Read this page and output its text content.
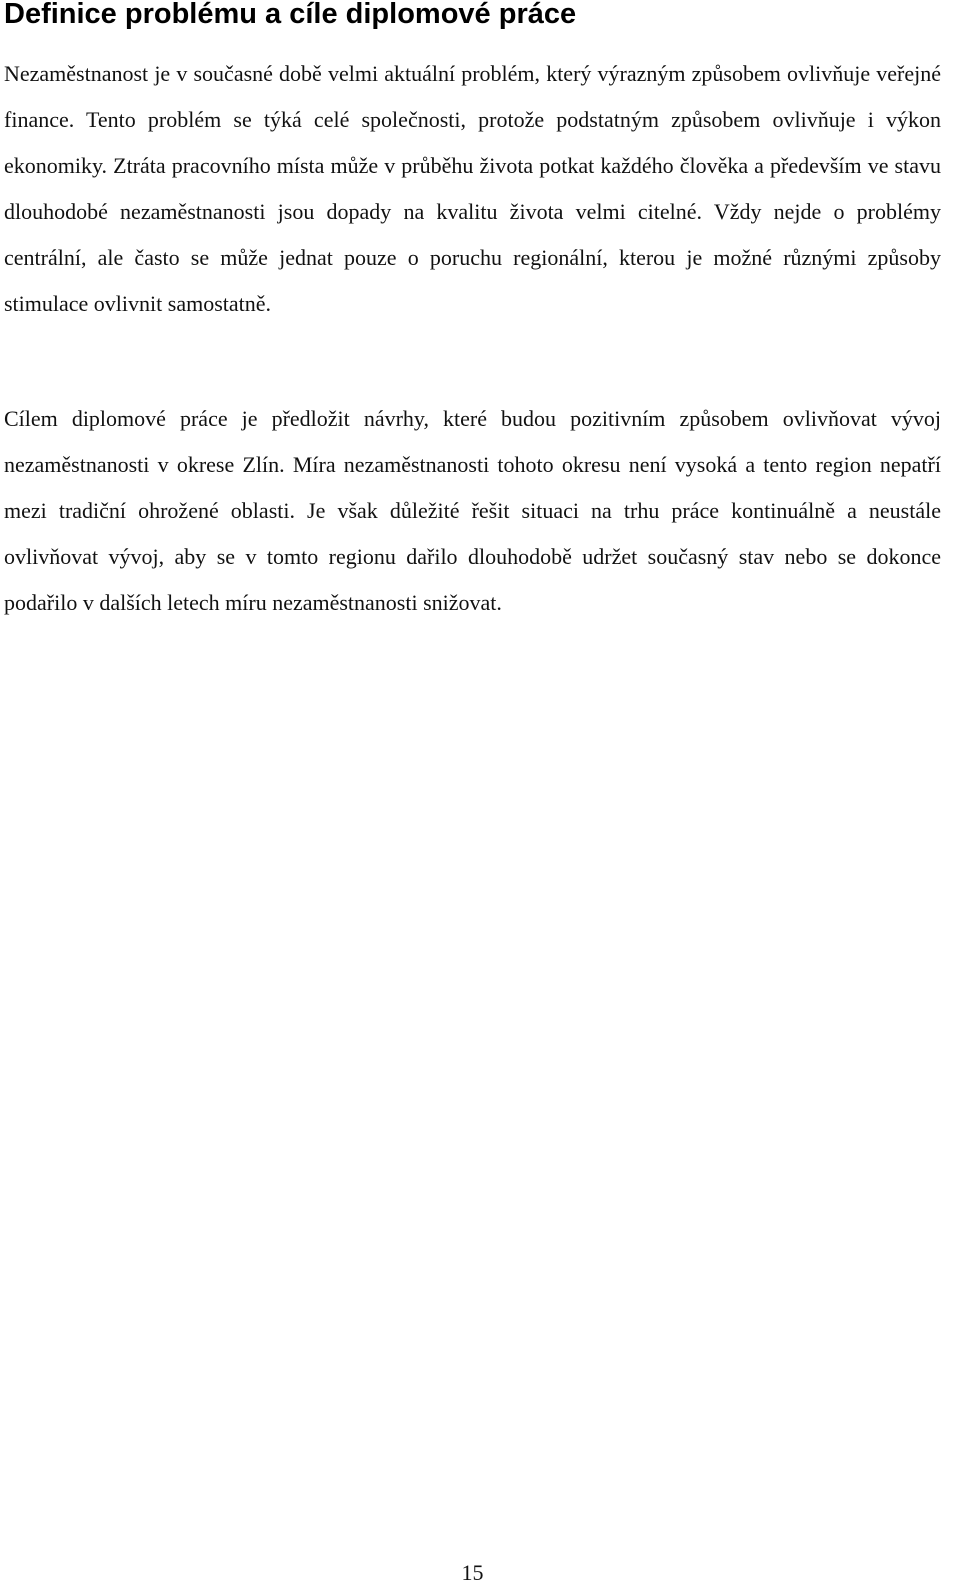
Definice problému a cíle diplomové práce

Nezaměstnanost je v současné době velmi aktuální problém, který výrazným způsobem ovlivňuje veřejné finance. Tento problém se týká celé společnosti, protože podstatným způsobem ovlivňuje i výkon ekonomiky. Ztráta pracovního místa může v průběhu života potkat každého člověka a především ve stavu dlouhodobé nezaměstnanosti jsou dopady na kvalitu života velmi citelné. Vždy nejde o problémy centrální, ale často se může jednat pouze o poruchu regionální, kterou je možné různými způsoby stimulace ovlivnit samostatně.

Cílem diplomové práce je předložit návrhy, které budou pozitivním způsobem ovlivňovat vývoj nezaměstnanosti v okrese Zlín. Míra nezaměstnanosti tohoto okresu není vysoká a tento region nepatří mezi tradiční ohrožené oblasti. Je však důležité řešit situaci na trhu práce kontinuálně a neustále ovlivňovat vývoj, aby se v tomto regionu dařilo dlouhodobě udržet současný stav nebo se dokonce podařilo v dalších letech míru nezaměstnanosti snižovat.

15
